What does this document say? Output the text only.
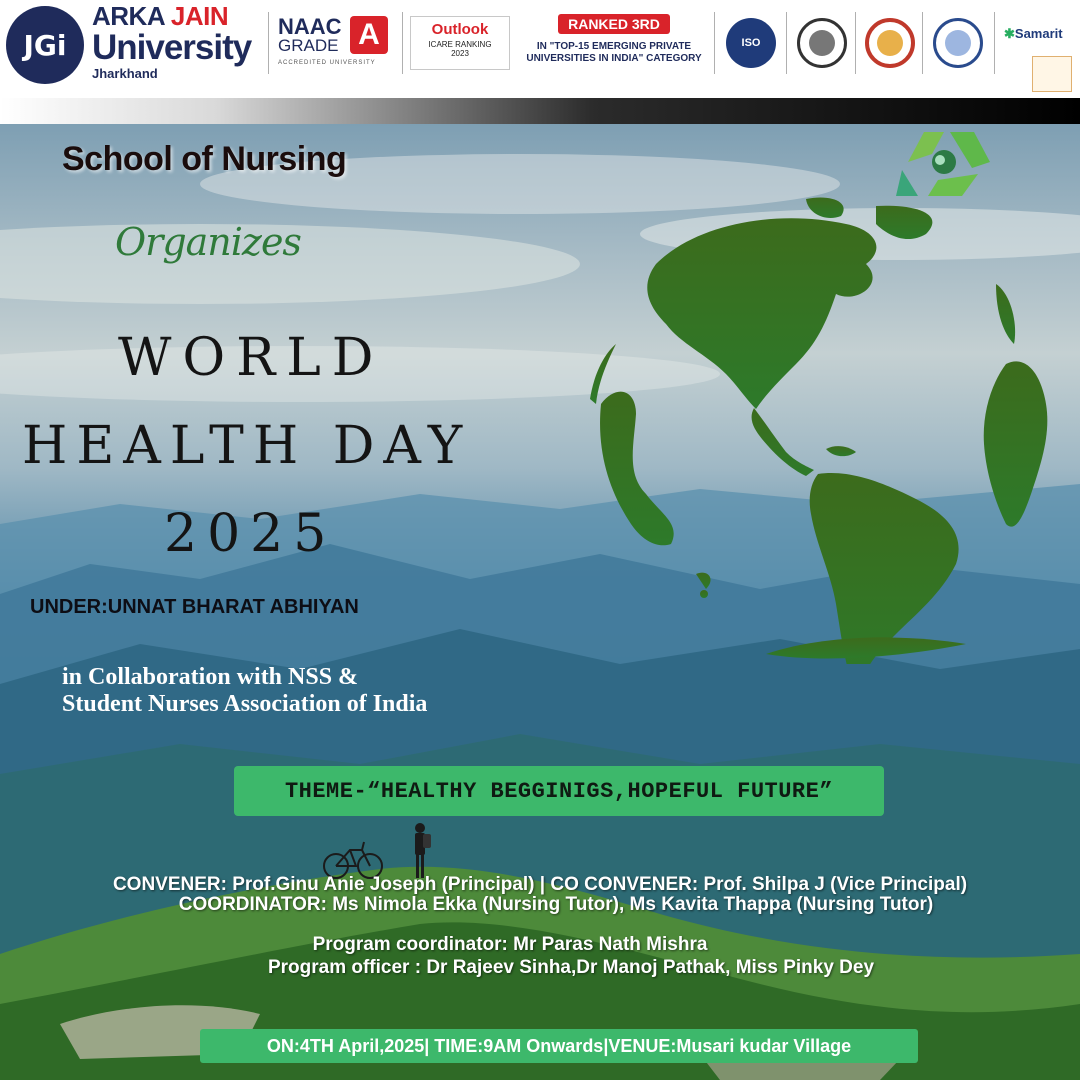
JGi
ARKA JAIN
University
Jharkhand
NAAC
GRADE A
ACCREDITED UNIVERSITY
Outlook
ICARE RANKING
2023
RANKED 3RD
IN "TOP-15 EMERGING PRIVATE UNIVERSITIES IN INDIA" CATEGORY
ISO
✱Samarit
School of Nursing
Organizes
WORLD
HEALTH DAY
2025
UNDER:UNNAT BHARAT ABHIYAN
in Collaboration with NSS &
Student Nurses Association of India
THEME-“HEALTHY BEGGINIGS,HOPEFUL FUTURE”
CONVENER: Prof.Ginu Anie Joseph (Principal) | CO CONVENER: Prof. Shilpa J (Vice Principal)
COORDINATOR: Ms Nimola Ekka (Nursing Tutor), Ms Kavita Thappa (Nursing Tutor)
Program coordinator: Mr Paras Nath Mishra
Program officer : Dr Rajeev Sinha,Dr Manoj Pathak, Miss Pinky Dey
ON:4TH April,2025| TIME:9AM Onwards|VENUE:Musari kudar Village
